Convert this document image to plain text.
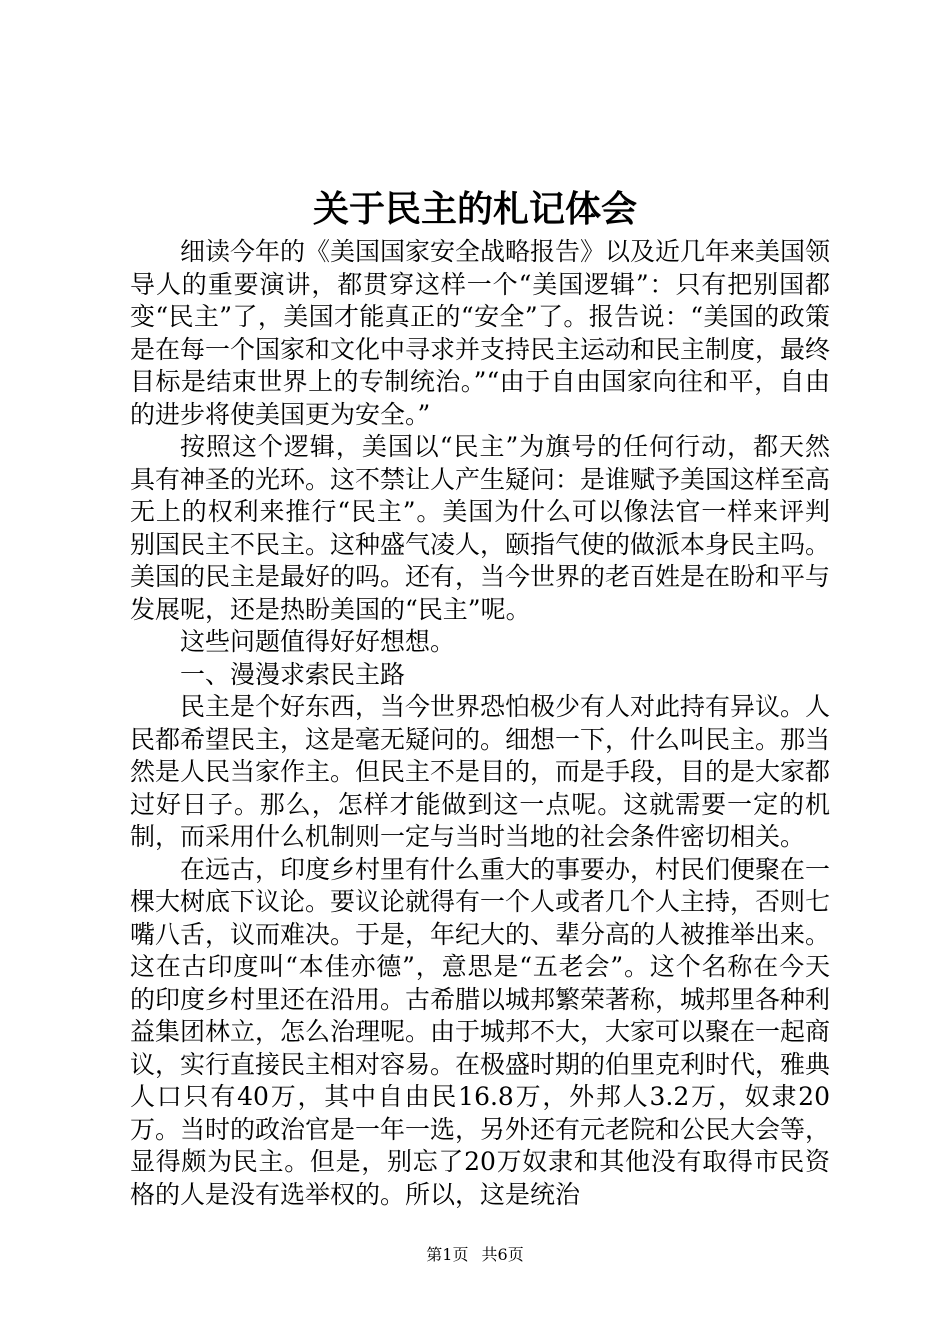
关于民主的札记体会

细读今年的《美国国家安全战略报告》以及近几年来美国领导人的重要演讲，都贯穿这样一个“美国逻辑”：只有把别国都变“民主”了，美国才能真正的“安全”了。报告说：“美国的政策是在每一个国家和文化中寻求并支持民主运动和民主制度，最终目标是结束世界上的专制统治。”“由于自由国家向往和平，自由的进步将使美国更为安全。”

按照这个逻辑，美国以“民主”为旗号的任何行动，都天然具有神圣的光环。这不禁让人产生疑问：是谁赋予美国这样至高无上的权利来推行“民主”。美国为什么可以像法官一样来评判别国民主不民主。这种盛气凌人，颐指气使的做派本身民主吗。美国的民主是最好的吗。还有，当今世界的老百姓是在盼和平与发展呢，还是热盼美国的“民主”呢。

这些问题值得好好想想。

一、漫漫求索民主路

民主是个好东西，当今世界恐怕极少有人对此持有异议。人民都希望民主，这是毫无疑问的。细想一下，什么叫民主。那当然是人民当家作主。但民主不是目的，而是手段，目的是大家都过好日子。那么，怎样才能做到这一点呢。这就需要一定的机制，而采用什么机制则一定与当时当地的社会条件密切相关。

在远古，印度乡村里有什么重大的事要办，村民们便聚在一棵大树底下议论。要议论就得有一个人或者几个人主持，否则七嘴八舌，议而难决。于是，年纪大的、辈分高的人被推举出来。这在古印度叫“本佳亦德”，意思是“五老会”。这个名称在今天的印度乡村里还在沿用。古希腊以城邦繁荣著称，城邦里各种利益集团林立，怎么治理呢。由于城邦不大，大家可以聚在一起商议，实行直接民主相对容易。在极盛时期的伯里克利时代，雅典人口只有40万，其中自由民16.8万，外邦人3.2万，奴隶20万。当时的政治官是一年一选，另外还有元老院和公民大会等，显得颇为民主。但是，别忘了20万奴隶和其他没有取得市民资格的人是没有选举权的。所以，这是统治

第1页 共6页
